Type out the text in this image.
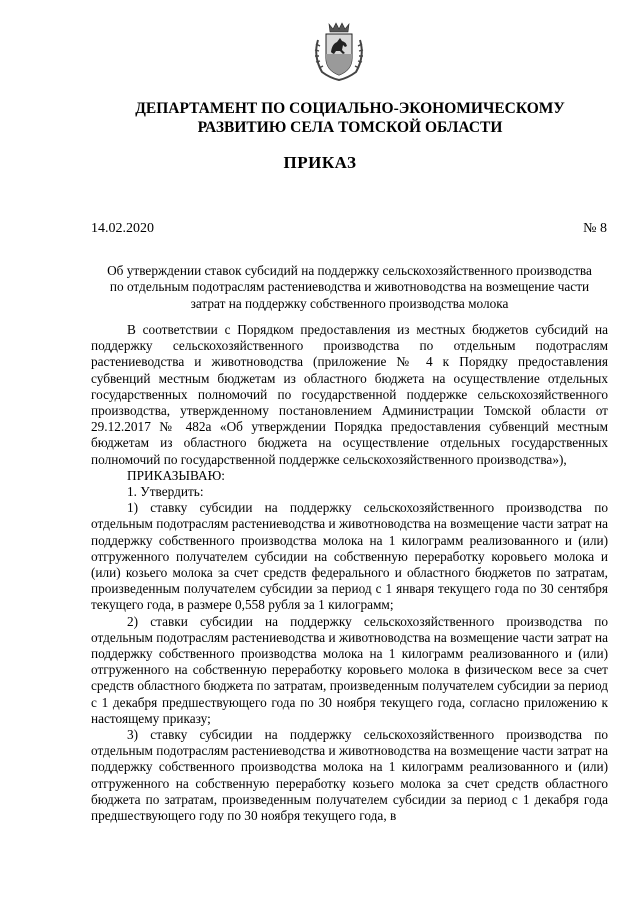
ДЕПАРТАМЕНТ ПО СОЦИАЛЬНО-ЭКОНОМИЧЕСКОМУ
РАЗВИТИЮ СЕЛА ТОМСКОЙ ОБЛАСТИ
ПРИКАЗ
14.02.2020	№ 8
Об утверждении ставок субсидий на поддержку сельскохозяйственного производства
по отдельным подотраслям растениеводства и животноводства на возмещение части
затрат на поддержку собственного производства молока

В соответствии с Порядком предоставления из местных бюджетов субсидий на поддержку сельскохозяйственного производства по отдельным подотраслям растениеводства и животноводства (приложение № 4 к Порядку предоставления субвенций местным бюджетам из областного бюджета на осуществление отдельных государственных полномочий по государственной поддержке сельскохозяйственного производства, утвержденному постановлением Администрации Томской области от 29.12.2017 № 482а «Об утверждении Порядка предоставления субвенций местным бюджетам из областного бюджета на осуществление отдельных государственных полномочий по государственной поддержке сельскохозяйственного производства»),

ПРИКАЗЫВАЮ:

1. Утвердить:

1) ставку субсидии на поддержку сельскохозяйственного производства по отдельным подотраслям растениеводства и животноводства на возмещение части затрат на поддержку собственного производства молока на 1 килограмм реализованного и (или) отгруженного получателем субсидии на собственную переработку коровьего молока и (или) козьего молока за счет средств федерального и областного бюджетов по затратам, произведенным получателем субсидии за период с 1 января текущего года по 30 сентября текущего года, в размере 0,558 рубля за 1 килограмм;

2) ставки субсидии на поддержку сельскохозяйственного производства по отдельным подотраслям растениеводства и животноводства на возмещение части затрат на поддержку собственного производства молока на 1 килограмм реализованного и (или) отгруженного на собственную переработку коровьего молока в физическом весе за счет средств областного бюджета по затратам, произведенным получателем субсидии за период с 1 декабря предшествующего года по 30 ноября текущего года, согласно приложению к настоящему приказу;

3) ставку субсидии на поддержку сельскохозяйственного производства по отдельным подотраслям растениеводства и животноводства на возмещение части затрат на поддержку собственного производства молока на 1 килограмм реализованного и (или) отгруженного на собственную переработку козьего молока за счет средств областного бюджета по затратам, произведенным получателем субсидии за период с 1 декабря года предшествующего году по 30 ноября текущего года, в
